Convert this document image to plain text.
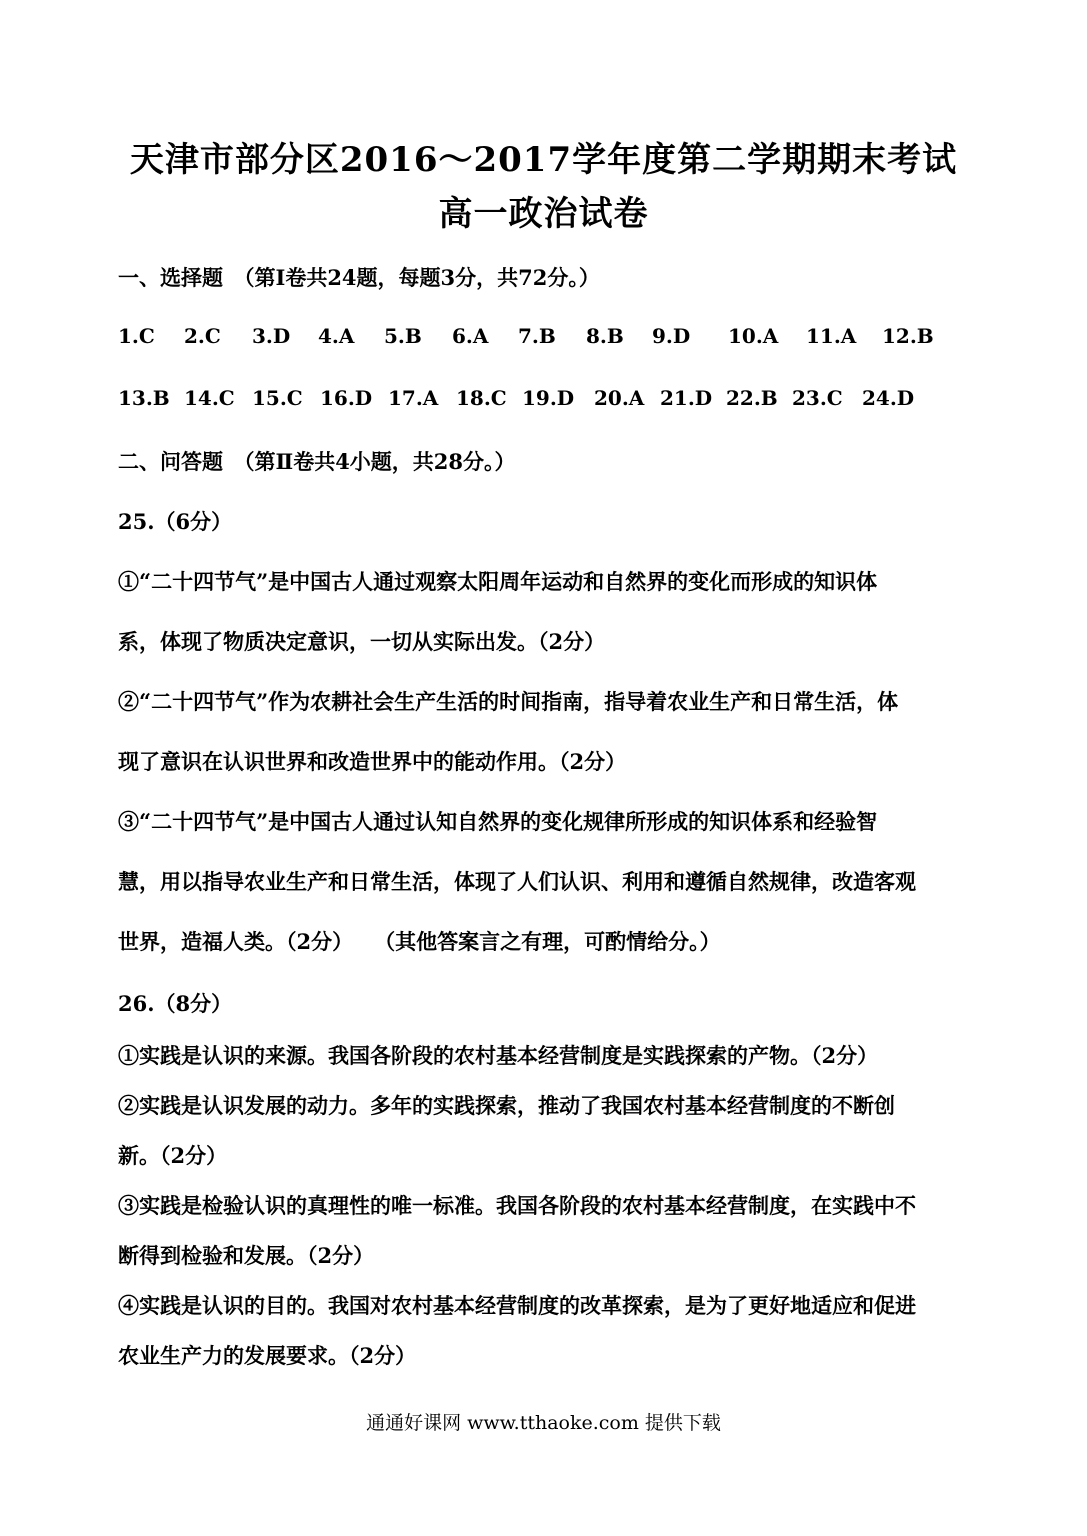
天津市部分区2016～2017学年度第二学期期末考试
高一政治试卷
一、选择题　（第Ⅰ卷共24题，每题3分，共72分。）
1.C 2.C 3.D 4.A 5.B 6.A 7.B 8.B 9.D 10.A 11.A 12.B
13.B 14.C 15.C 16.D 17.A 18.C 19.D 20.A 21.D 22.B 23.C 24.D
二、问答题　（第Ⅱ卷共4小题，共28分。）
25.（6分）
①“二十四节气”是中国古人通过观察太阳周年运动和自然界的变化而形成的知识体
系，体现了物质决定意识，一切从实际出发。（2分）
②“二十四节气”作为农耕社会生产生活的时间指南，指导着农业生产和日常生活，体
现了意识在认识世界和改造世界中的能动作用。（2分）
③“二十四节气”是中国古人通过认知自然界的变化规律所形成的知识体系和经验智
慧，用以指导农业生产和日常生活，体现了人们认识、利用和遵循自然规律，改造客观
世界，造福人类。（2分）　　（其他答案言之有理，可酌情给分。）
26.（8分）
①实践是认识的来源。我国各阶段的农村基本经营制度是实践探索的产物。（2分）
②实践是认识发展的动力。多年的实践探索，推动了我国农村基本经营制度的不断创
新。（2分）
③实践是检验认识的真理性的唯一标准。我国各阶段的农村基本经营制度，在实践中不
断得到检验和发展。（2分）
④实践是认识的目的。我国对农村基本经营制度的改革探索，是为了更好地适应和促进
农业生产力的发展要求。（2分）
通通好课网 www.tthaoke.com 提供下载
